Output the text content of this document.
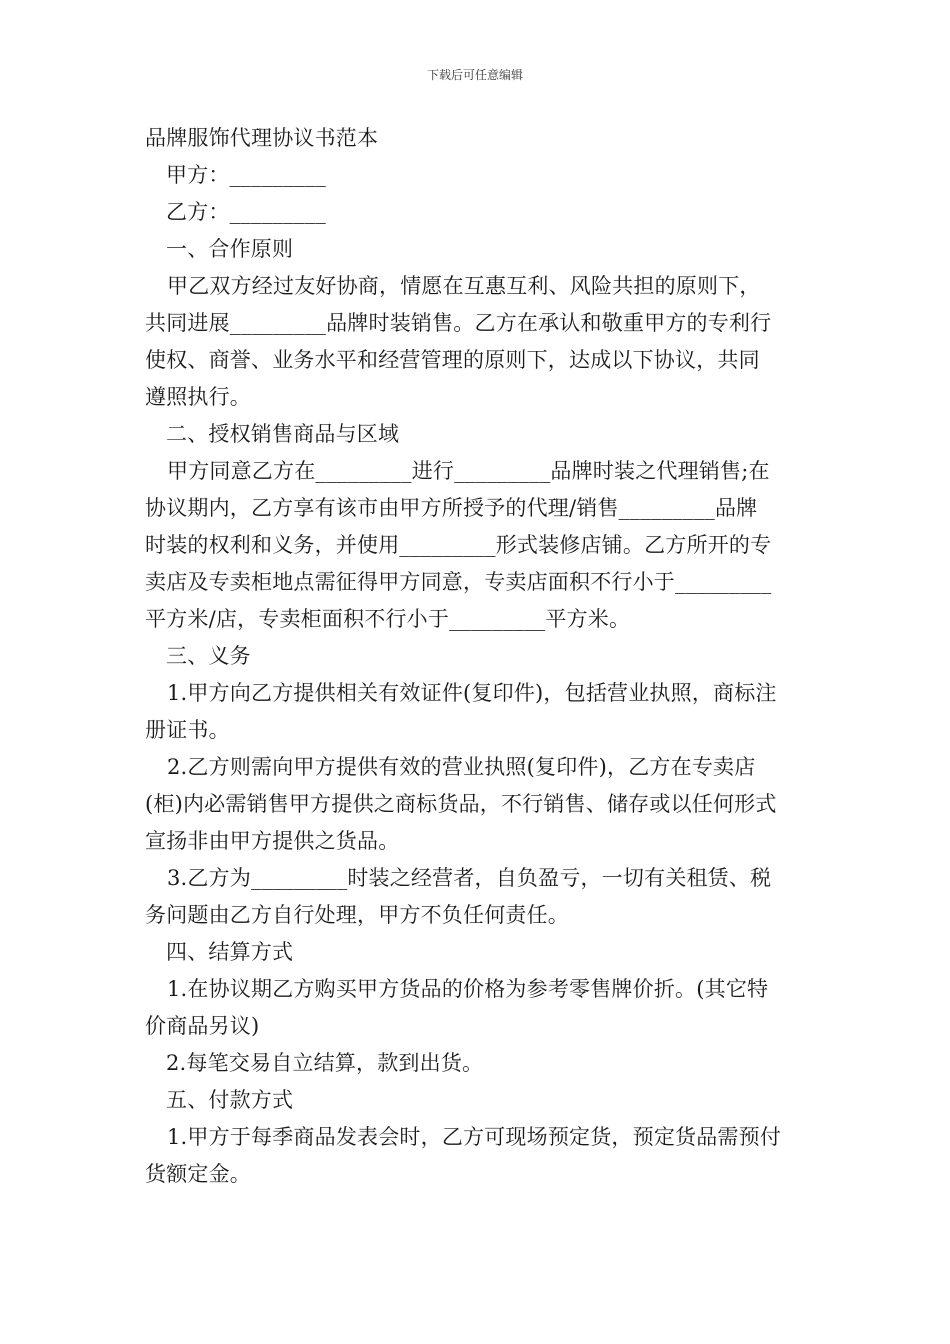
下载后可任意编辑
品牌服饰代理协议书范本
甲方：_________
乙方：_________
一、合作原则
甲乙双方经过友好协商，情愿在互惠互利、风险共担的原则下，
共同进展_________品牌时装销售。乙方在承认和敬重甲方的专利行
使权、商誉、业务水平和经营管理的原则下，达成以下协议，共同
遵照执行。
二、授权销售商品与区域
甲方同意乙方在_________进行_________品牌时装之代理销售;在
协议期内，乙方享有该市由甲方所授予的代理/销售_________品牌
时装的权利和义务，并使用_________形式装修店铺。乙方所开的专
卖店及专卖柜地点需征得甲方同意，专卖店面积不行小于_________
平方米/店，专卖柜面积不行小于_________平方米。
三、义务
1.甲方向乙方提供相关有效证件(复印件)，包括营业执照，商标注
册证书。
2.乙方则需向甲方提供有效的营业执照(复印件)，乙方在专卖店
(柜)内必需销售甲方提供之商标货品，不行销售、储存或以任何形式
宣扬非由甲方提供之货品。
3.乙方为_________时装之经营者，自负盈亏，一切有关租赁、税
务问题由乙方自行处理，甲方不负任何责任。
四、结算方式
1.在协议期乙方购买甲方货品的价格为参考零售牌价折。(其它特
价商品另议)
2.每笔交易自立结算，款到出货。
五、付款方式
1.甲方于每季商品发表会时，乙方可现场预定货，预定货品需预付
货额定金。
